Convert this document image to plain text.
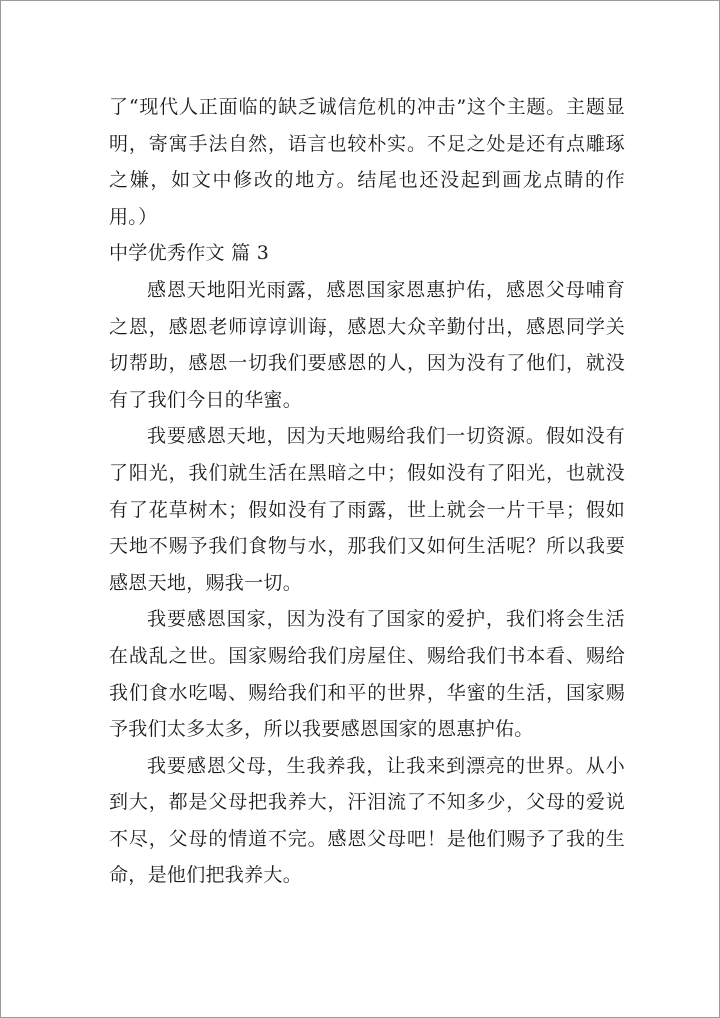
了“现代人正面临的缺乏诚信危机的冲击”这个主题。主题显明，寄寓手法自然，语言也较朴实。不足之处是还有点雕琢之嫌，如文中修改的地方。结尾也还没起到画龙点睛的作用。）

中学优秀作文 篇 3

感恩天地阳光雨露，感恩国家恩惠护佑，感恩父母哺育之恩，感恩老师谆谆训诲，感恩大众辛勤付出，感恩同学关切帮助，感恩一切我们要感恩的人，因为没有了他们，就没有了我们今日的华蜜。

我要感恩天地，因为天地赐给我们一切资源。假如没有了阳光，我们就生活在黑暗之中；假如没有了阳光，也就没有了花草树木；假如没有了雨露，世上就会一片干旱；假如天地不赐予我们食物与水，那我们又如何生活呢？所以我要感恩天地，赐我一切。

我要感恩国家，因为没有了国家的爱护，我们将会生活在战乱之世。国家赐给我们房屋住、赐给我们书本看、赐给我们食水吃喝、赐给我们和平的世界，华蜜的生活，国家赐予我们太多太多，所以我要感恩国家的恩惠护佑。

我要感恩父母，生我养我，让我来到漂亮的世界。从小到大，都是父母把我养大，汗泪流了不知多少，父母的爱说不尽，父母的情道不完。感恩父母吧！是他们赐予了我的生命，是他们把我养大。
